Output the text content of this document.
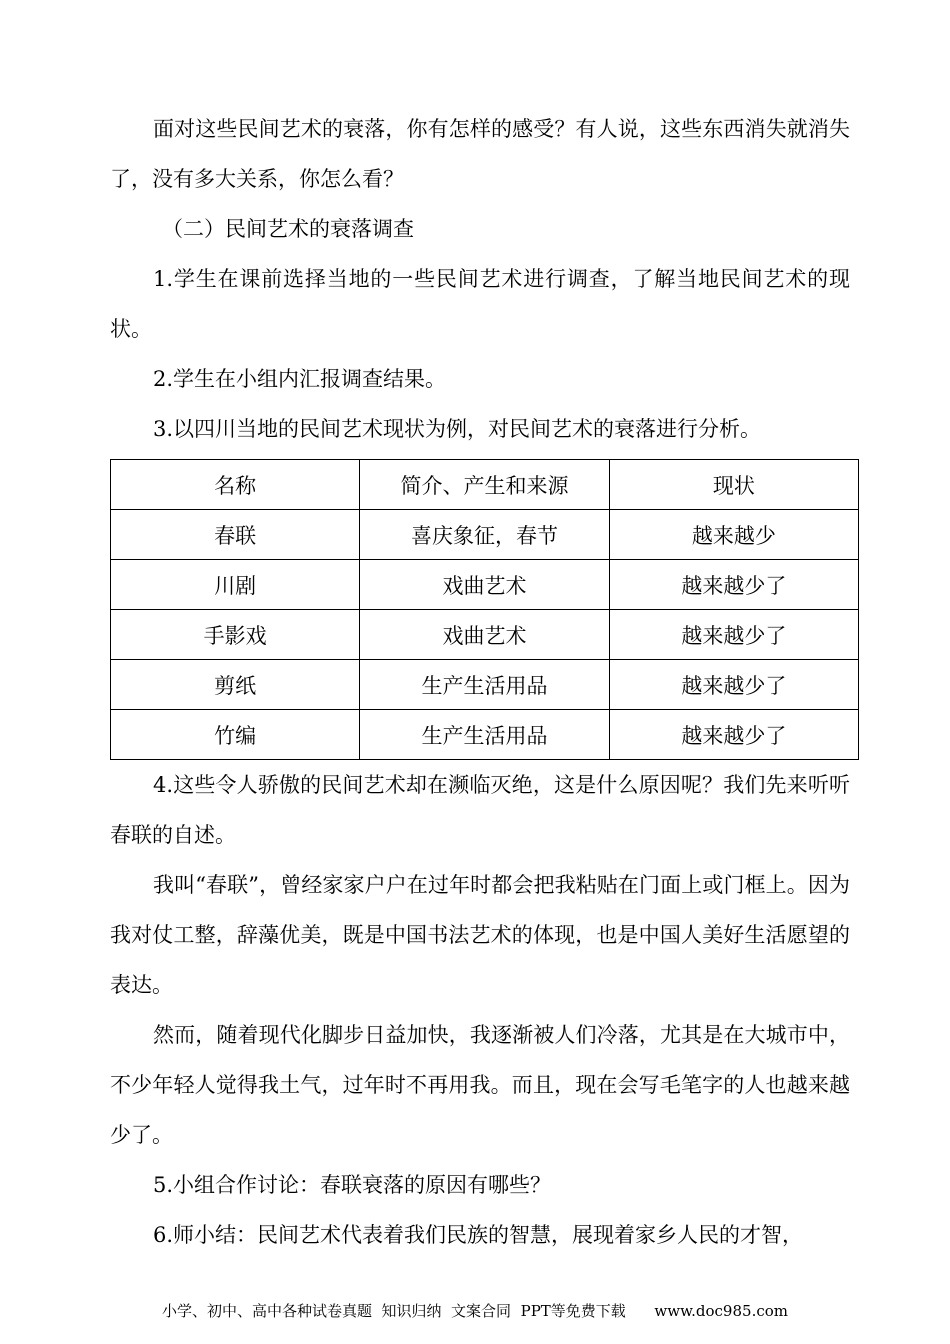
面对这些民间艺术的衰落，你有怎样的感受？有人说，这些东西消失就消失了，没有多大关系，你怎么看？

（二）民间艺术的衰落调查

1.学生在课前选择当地的一些民间艺术进行调查，了解当地民间艺术的现状。

2.学生在小组内汇报调查结果。

3.以四川当地的民间艺术现状为例，对民间艺术的衰落进行分析。

名称	简介、产生和来源	现状
春联	喜庆象征，春节	越来越少
川剧	戏曲艺术	越来越少了
手影戏	戏曲艺术	越来越少了
剪纸	生产生活用品	越来越少了
竹编	生产生活用品	越来越少了

4.这些令人骄傲的民间艺术却在濒临灭绝，这是什么原因呢？我们先来听听春联的自述。

我叫“春联”，曾经家家户户在过年时都会把我粘贴在门面上或门框上。因为我对仗工整，辞藻优美，既是中国书法艺术的体现，也是中国人美好生活愿望的表达。

然而，随着现代化脚步日益加快，我逐渐被人们冷落，尤其是在大城市中，不少年轻人觉得我土气，过年时不再用我。而且，现在会写毛笔字的人也越来越少了。

5.小组合作讨论：春联衰落的原因有哪些？

6.师小结：民间艺术代表着我们民族的智慧，展现着家乡人民的才智，

小学、初中、高中各种试卷真题  知识归纳  文案合同  PPT等免费下载      www.doc985.com
